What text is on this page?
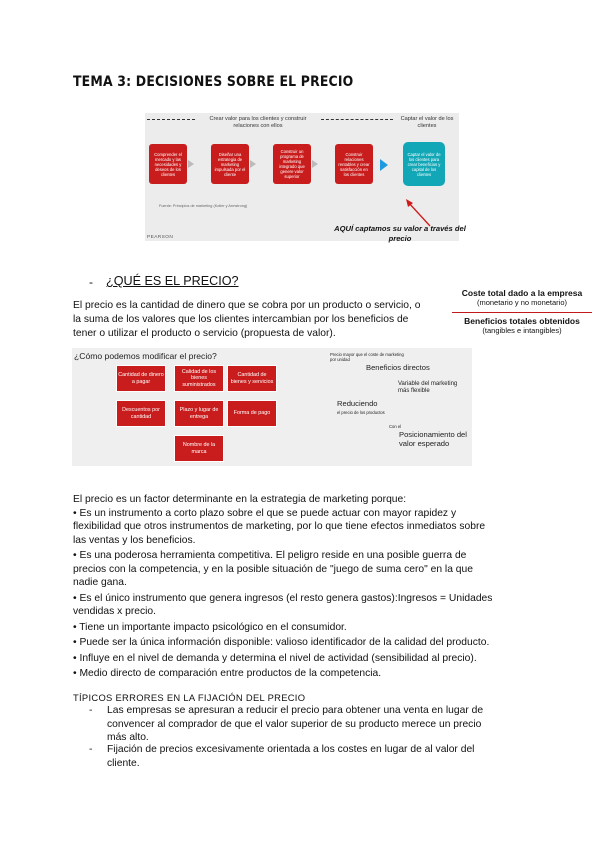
TEMA 3: DECISIONES SOBRE EL PRECIO
Crear valor para los clientes y construir relaciones con ellos
Captar el valor de los clientes
Comprender el mercado y las necesidades y deseos de los clientes
Diseñar una estrategia de marketing impulsada por el cliente
Construir un programa de marketing integrado que genere valor superior
Construir relaciones rentables y crear satisfacción en los clientes
Captar el valor de los clientes para crear beneficios y capital de los clientes
Fuente: Principios de marketing (Kotler y Armstrong)
PEARSON
AQUÍ captamos su valor a través del precio
- ¿QUÉ ES EL PRECIO?
El precio es la cantidad de dinero que se cobra por un producto o servicio, o
la suma de los valores que los clientes intercambian por los beneficios de
tener o utilizar el producto o servicio (propuesta de valor).
Coste total dado a la empresa
(monetario y no monetario)
Beneficios totales obtenidos
(tangibles e intangibles)
¿Cómo podemos modificar el precio?
Cantidad de dinero a pagar
Calidad de los bienes suministrados
Cantidad de bienes y servicios
Descuentos por cantidad
Plazo y lugar de entrega
Forma de pago
Nombre de la marca
Precio mayor que el coste de marketing por unidad
Beneficios directos
Variable del marketing más flexible
Reduciendo
el precio de los productos
Con el
Posicionamiento del valor esperado
El precio es un factor determinante en la estrategia de marketing porque:
• Es un instrumento a corto plazo sobre el que se puede actuar con mayor rapidez y
flexibilidad que otros instrumentos de marketing, por lo que tiene efectos inmediatos sobre
las ventas y los beneficios.
• Es una poderosa herramienta competitiva. El peligro reside en una posible guerra de
precios con la competencia, y en la posible situación de "juego de suma cero" en la que
nadie gana.
• Es el único instrumento que genera ingresos (el resto genera gastos):Ingresos = Unidades
vendidas x precio.
• Tiene un importante impacto psicológico en el consumidor.
• Puede ser la única información disponible: valioso identificador de la calidad del producto.
• Influye en el nivel de demanda y determina el nivel de actividad (sensibilidad al precio).
• Medio directo de comparación entre productos de la competencia.
TÍPICOS ERRORES EN LA FIJACIÓN DEL PRECIO
- Las empresas se apresuran a reducir el precio para obtener una venta en lugar de
convencer al comprador de que el valor superior de su producto merece un precio
más alto.
- Fijación de precios excesivamente orientada a los costes en lugar de al valor del
cliente.
